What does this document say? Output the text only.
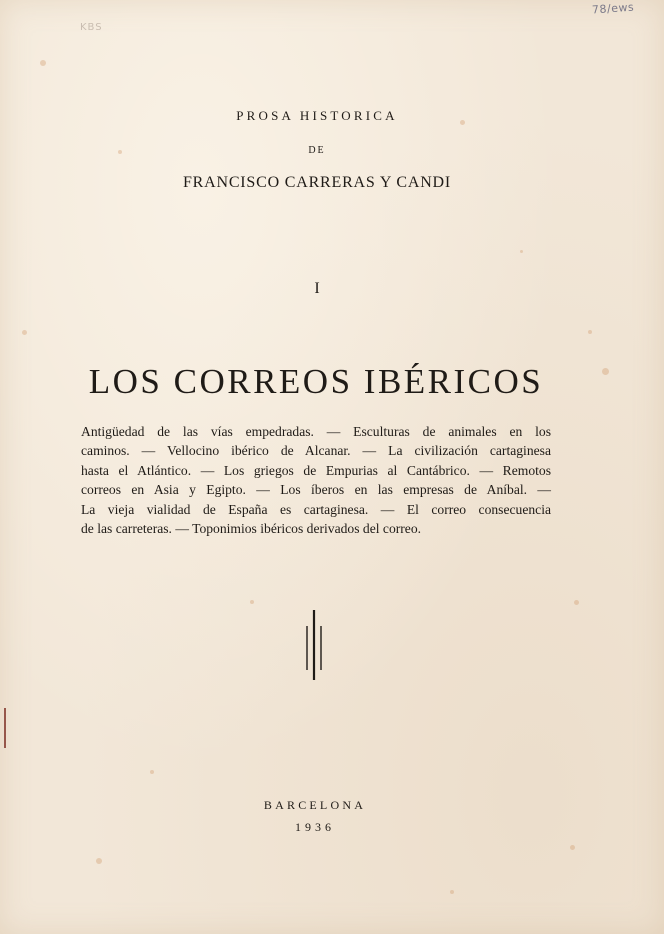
KBS
78/ews
PROSA HISTORICA
DE
FRANCISCO CARRERAS Y CANDI
I
LOS CORREOS IBÉRICOS
Antigüedad de las vías empedradas. — Esculturas de animales en los
caminos. — Vellocino ibérico de Alcanar. — La civilización cartaginesa
hasta el Atlántico. — Los griegos de Empurias al Cantábrico. — Remotos
correos en Asia y Egipto. — Los íberos en las empresas de Aníbal. —
La vieja vialidad de España es cartaginesa. — El correo consecuencia
de las carreteras. — Toponimios ibéricos derivados del correo.
BARCELONA
1936
